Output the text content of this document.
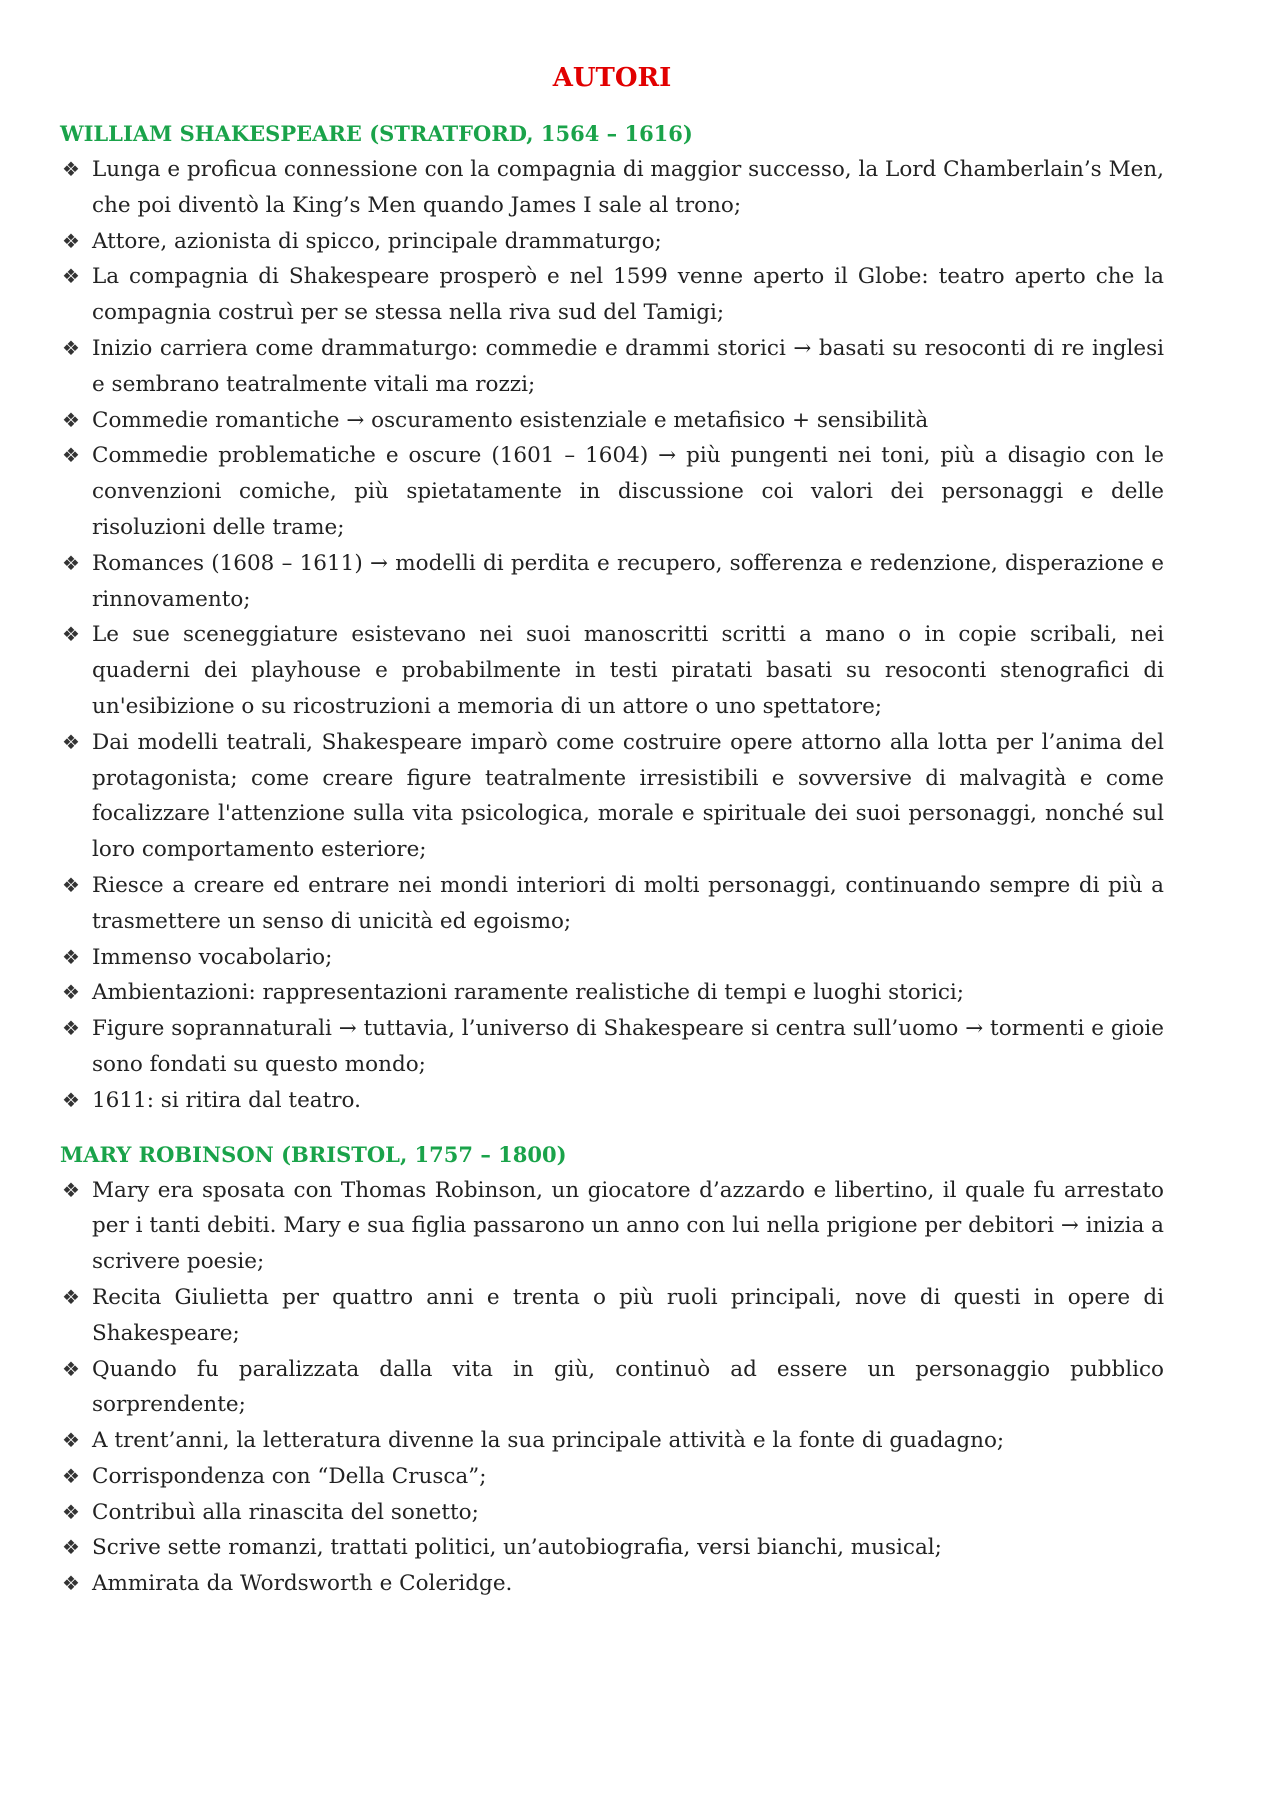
AUTORI
WILLIAM SHAKESPEARE (STRATFORD, 1564 – 1616)
❖ Lunga e proficua connessione con la compagnia di maggior successo, la Lord Chamberlain’s Men, che poi diventò la King’s Men quando James I sale al trono;
❖ Attore, azionista di spicco, principale drammaturgo;
❖ La compagnia di Shakespeare prosperò e nel 1599 venne aperto il Globe: teatro aperto che la compagnia costruì per se stessa nella riva sud del Tamigi;
❖ Inizio carriera come drammaturgo: commedie e drammi storici → basati su resoconti di re inglesi e sembrano teatralmente vitali ma rozzi;
❖ Commedie romantiche → oscuramento esistenziale e metafisico + sensibilità
❖ Commedie problematiche e oscure (1601 – 1604) → più pungenti nei toni, più a disagio con le convenzioni comiche, più spietatamente in discussione coi valori dei personaggi e delle risoluzioni delle trame;
❖ Romances (1608 – 1611) → modelli di perdita e recupero, sofferenza e redenzione, disperazione e rinnovamento;
❖ Le sue sceneggiature esistevano nei suoi manoscritti scritti a mano o in copie scribali, nei quaderni dei playhouse e probabilmente in testi piratati basati su resoconti stenografici di un'esibizione o su ricostruzioni a memoria di un attore o uno spettatore;
❖ Dai modelli teatrali, Shakespeare imparò come costruire opere attorno alla lotta per l’anima del protagonista; come creare figure teatralmente irresistibili e sovversive di malvagità e come focalizzare l'attenzione sulla vita psicologica, morale e spirituale dei suoi personaggi, nonché sul loro comportamento esteriore;
❖ Riesce a creare ed entrare nei mondi interiori di molti personaggi, continuando sempre di più a trasmettere un senso di unicità ed egoismo;
❖ Immenso vocabolario;
❖ Ambientazioni: rappresentazioni raramente realistiche di tempi e luoghi storici;
❖ Figure soprannaturali → tuttavia, l’universo di Shakespeare si centra sull’uomo → tormenti e gioie sono fondati su questo mondo;
❖ 1611: si ritira dal teatro.
MARY ROBINSON (BRISTOL, 1757 – 1800)
❖ Mary era sposata con Thomas Robinson, un giocatore d’azzardo e libertino, il quale fu arrestato per i tanti debiti. Mary e sua figlia passarono un anno con lui nella prigione per debitori → inizia a scrivere poesie;
❖ Recita Giulietta per quattro anni e trenta o più ruoli principali, nove di questi in opere di Shakespeare;
❖ Quando fu paralizzata dalla vita in giù, continuò ad essere un personaggio pubblico sorprendente;
❖ A trent’anni, la letteratura divenne la sua principale attività e la fonte di guadagno;
❖ Corrispondenza con “Della Crusca”;
❖ Contribuì alla rinascita del sonetto;
❖ Scrive sette romanzi, trattati politici, un’autobiografia, versi bianchi, musical;
❖ Ammirata da Wordsworth e Coleridge.
